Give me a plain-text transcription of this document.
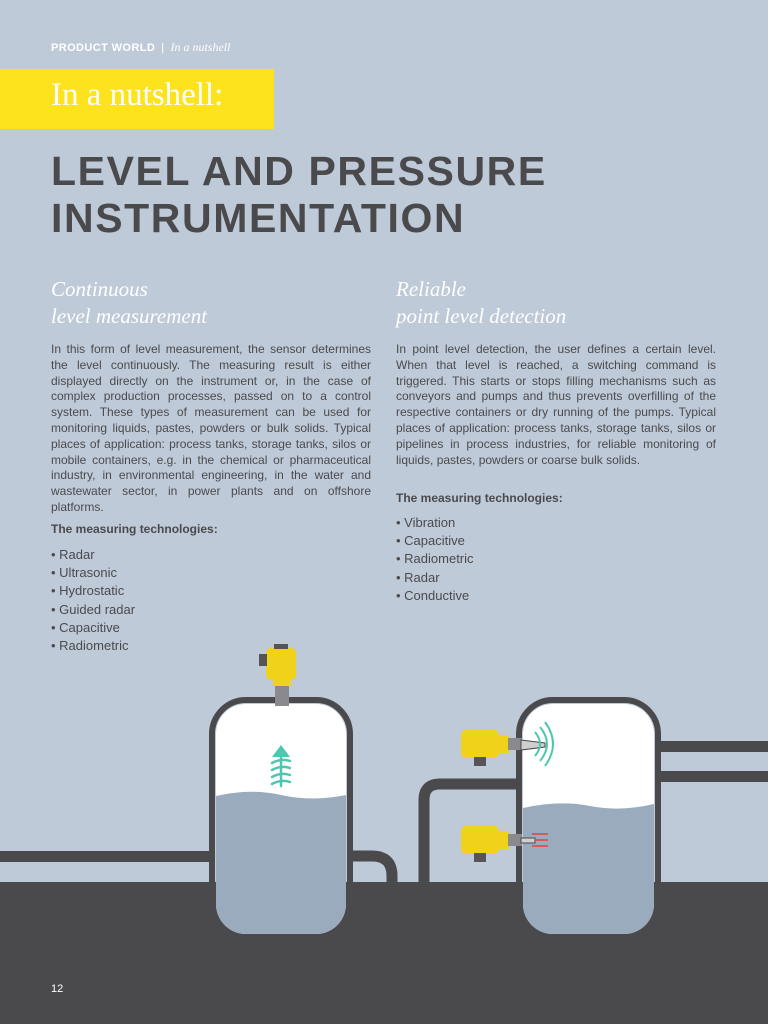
PRODUCT WORLD | In a nutshell
In a nutshell:
LEVEL AND PRESSURE
INSTRUMENTATION
Continuous
level measurement

In this form of level measurement, the sensor determines the level continuously. The measuring result is either displayed directly on the instrument or, in the case of complex production processes, passed on to a control system. These types of measurement can be used for monitoring liquids, pastes, powders or bulk solids. Typical places of application: process tanks, storage tanks, silos or mobile containers, e.g. in the chemical or pharmaceutical industry, in environmental engineering, in the water and wastewater sector, in power plants and on offshore platforms.

The measuring technologies:

• Radar
• Ultrasonic
• Hydrostatic
• Guided radar
• Capacitive
• Radiometric
Reliable
point level detection

In point level detection, the user defines a certain level. When that level is reached, a switching command is triggered. This starts or stops filling mechanisms such as conveyors and pumps and thus prevents overfilling of the respective containers or dry running of the pumps. Typical places of application: process tanks, storage tanks, silos or pipelines in process industries, for reliable monitoring of liquids, pastes, powders or coarse bulk solids.

The measuring technologies:

• Vibration
• Capacitive
• Radiometric
• Radar
• Conductive
12
